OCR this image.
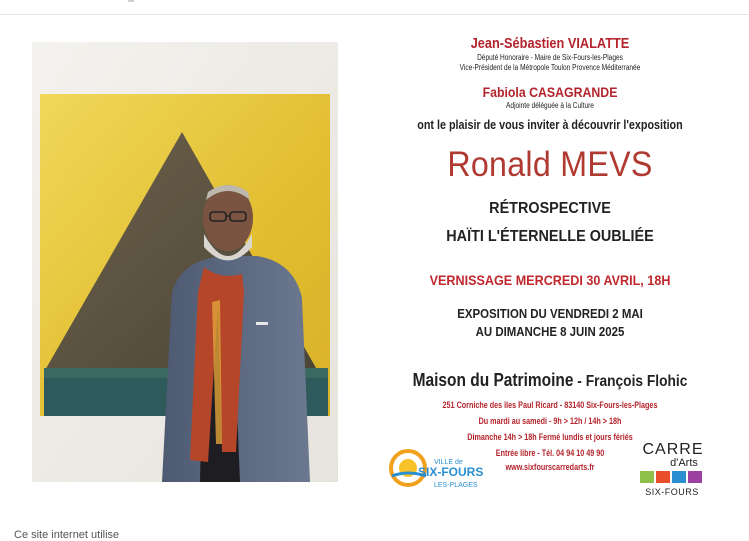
Jean-Sébastien VIALATTE
Député Honoraire - Maire de Six-Fours-les-Plages
Vice-Président de la Métropole Toulon Provence Méditerranée
Fabiola CASAGRANDE
Adjointe déléguée à la Culture
ont le plaisir de vous inviter à découvrir l'exposition
Ronald MEVS
RÉTROSPECTIVE
HAÏTI L'ÉTERNELLE OUBLIÉE
VERNISSAGE MERCREDI 30 AVRIL, 18H
EXPOSITION DU VENDREDI 2 MAI
AU DIMANCHE 8 JUIN 2025
Maison du Patrimoine - François Flohic
251 Corniche des îles Paul Ricard - 83140 Six-Fours-les-Plages
Du mardi au samedi - 9h > 12h / 14h > 18h
Dimanche 14h > 18h Fermé lundis et jours fériés
Entrée libre - Tél. 04 94 10 49 90
www.sixfourscarredarts.fr
VILLE de
SIX-FOURS
LES-PLAGES
CARRE
d'Arts
SIX-FOURS
Ce site internet utilise
